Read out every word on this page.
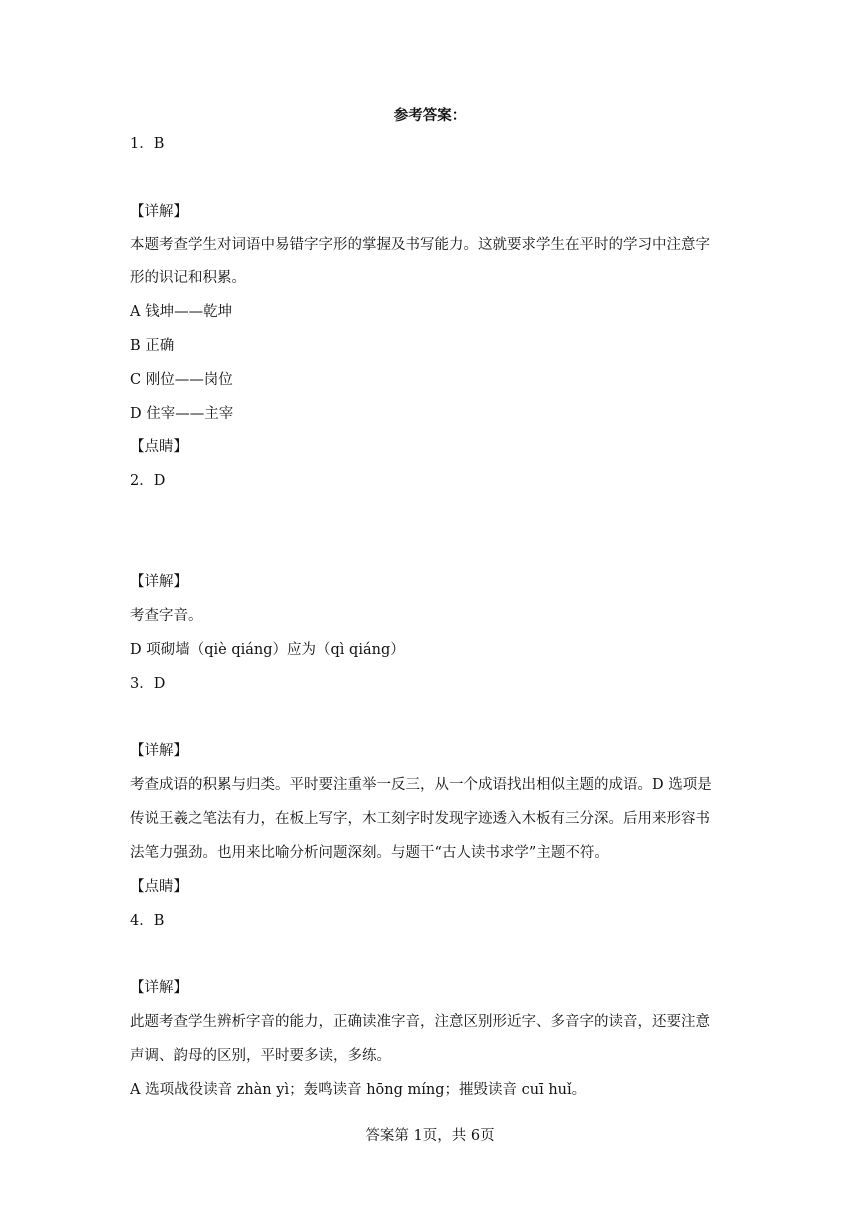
参考答案：
1．B
【详解】
本题考查学生对词语中易错字字形的掌握及书写能力。这就要求学生在平时的学习中注意字
形的识记和积累。
A 钱坤——乾坤
B 正确
C 刚位——岗位
D 住宰——主宰
【点睛】
2．D
【详解】
考查字音。
D 项砌墙（qiè qiáng）应为（qì qiáng）
3．D
【详解】
考查成语的积累与归类。平时要注重举一反三，从一个成语找出相似主题的成语。D 选项是
传说王羲之笔法有力，在板上写字，木工刻字时发现字迹透入木板有三分深。后用来形容书
法笔力强劲。也用来比喻分析问题深刻。与题干“古人读书求学”主题不符。
【点睛】
4．B
【详解】
此题考查学生辨析字音的能力，正确读准字音，注意区别形近字、多音字的读音，还要注意
声调、韵母的区别，平时要多读，多练。
A 选项战役读音 zhàn yì；轰鸣读音 hōng míng；摧毁读音 cuī huǐ。
答案第 1页，共 6页
